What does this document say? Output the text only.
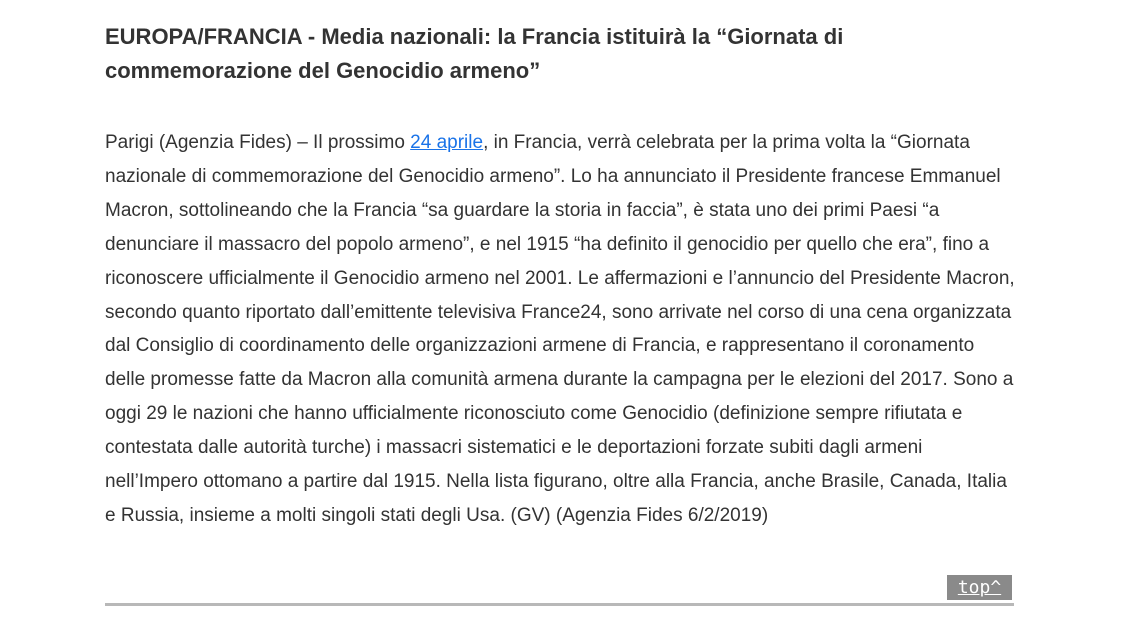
EUROPA/FRANCIA - Media nazionali: la Francia istituirà la “Giornata di commemorazione del Genocidio armeno”

Parigi (Agenzia Fides) – Il prossimo 24 aprile, in Francia, verrà celebrata per la prima volta la “Giornata nazionale di commemorazione del Genocidio armeno”. Lo ha annunciato il Presidente francese Emmanuel Macron, sottolineando che la Francia “sa guardare la storia in faccia”, è stata uno dei primi Paesi “a denunciare il massacro del popolo armeno”, e nel 1915 “ha definito il genocidio per quello che era”, fino a riconoscere ufficialmente il Genocidio armeno nel 2001. Le affermazioni e l’annuncio del Presidente Macron, secondo quanto riportato dall’emittente televisiva France24, sono arrivate nel corso di una cena organizzata dal Consiglio di coordinamento delle organizzazioni armene di Francia, e rappresentano il coronamento delle promesse fatte da Macron alla comunità armena durante la campagna per le elezioni del 2017. Sono a oggi 29 le nazioni che hanno ufficialmente riconosciuto come Genocidio (definizione sempre rifiutata e contestata dalle autorità turche) i massacri sistematici e le deportazioni forzate subiti dagli armeni nell’Impero ottomano a partire dal 1915. Nella lista figurano, oltre alla Francia, anche Brasile, Canada, Italia e Russia, insieme a molti singoli stati degli Usa. (GV) (Agenzia Fides 6/2/2019)

top^
